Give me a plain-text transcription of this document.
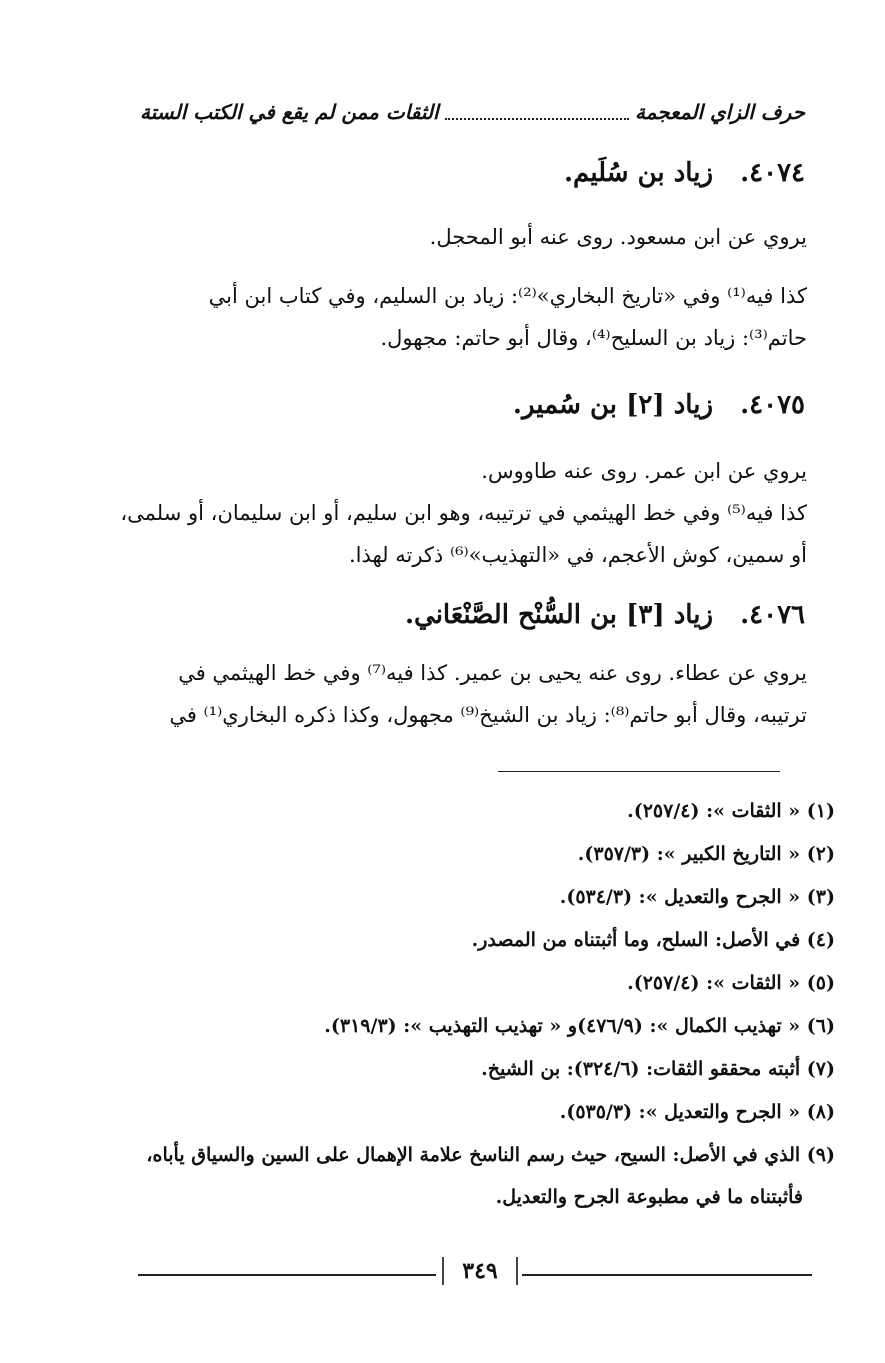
حرف الزاي المعجمة
الثقات ممن لم يقع في الكتب الستة
٤٠٧٤. زياد بن سُلَيم.
يروي عن ابن مسعود. روى عنه أبو المحجل.
كذا فيه⁽¹⁾ وفي «تاريخ البخاري»⁽²⁾: زياد بن السليم، وفي كتاب ابن أبي
حاتم⁽³⁾: زياد بن السليح⁽⁴⁾، وقال أبو حاتم: مجهول.
٤٠٧٥. زياد [٢] بن سُمير.
يروي عن ابن عمر. روى عنه طاووس.
كذا فيه⁽⁵⁾ وفي خط الهيثمي في ترتيبه، وهو ابن سليم، أو ابن سليمان، أو سلمى،
أو سمين، كوش الأعجم، في «التهذيب»⁽⁶⁾ ذكرته لهذا.
٤٠٧٦. زياد [٣] بن السُّنْح الصَّنْعَاني.
يروي عن عطاء. روى عنه يحيى بن عمير. كذا فيه⁽⁷⁾ وفي خط الهيثمي في
ترتيبه، وقال أبو حاتم⁽⁸⁾: زياد بن الشيخ⁽⁹⁾ مجهول، وكذا ذكره البخاري⁽¹⁾ في
(١) « الثقات »: (٢٥٧/٤).
(٢) « التاريخ الكبير »: (٣٥٧/٣).
(٣) « الجرح والتعديل »: (٥٣٤/٣).
(٤) في الأصل: السلح، وما أثبتناه من المصدر.
(٥) « الثقات »: (٢٥٧/٤).
(٦) « تهذيب الكمال »: (٤٧٦/٩)و « تهذيب التهذيب »: (٣١٩/٣).
(٧) أثبته محققو الثقات: (٣٢٤/٦): بن الشيخ.
(٨) « الجرح والتعديل »: (٥٣٥/٣).
(٩) الذي في الأصل: السيح، حيث رسم الناسخ علامة الإهمال على السين والسياق يأباه،
فأثبتناه ما في مطبوعة الجرح والتعديل.
٣٤٩
